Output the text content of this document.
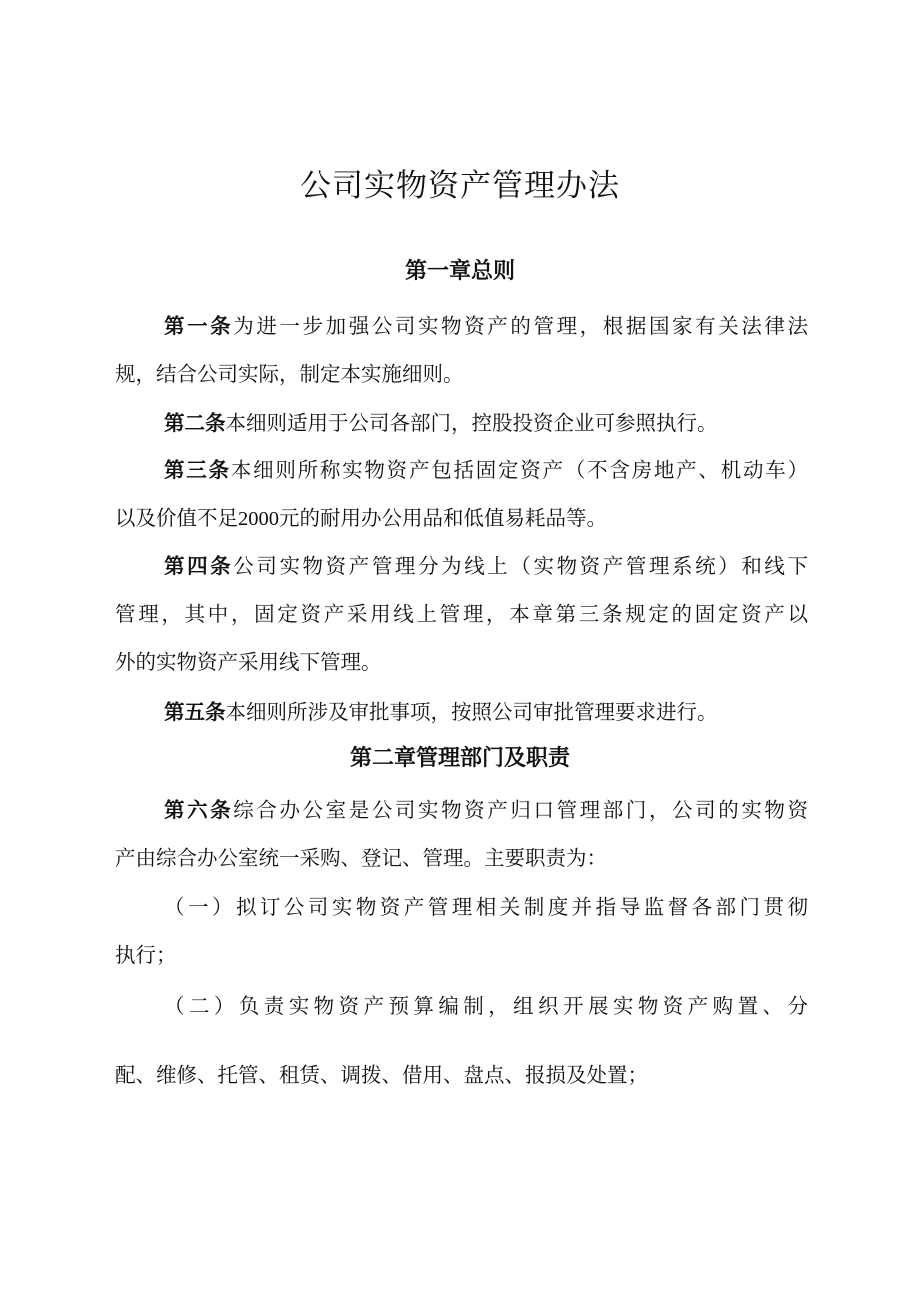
公司实物资产管理办法
第一章总则
第一条为进一步加强公司实物资产的管理，根据国家有关法律法
规，结合公司实际，制定本实施细则。
第二条本细则适用于公司各部门，控股投资企业可参照执行。
第三条本细则所称实物资产包括固定资产（不含房地产、机动车）
以及价值不足2000元的耐用办公用品和低值易耗品等。
第四条公司实物资产管理分为线上（实物资产管理系统）和线下
管理，其中，固定资产采用线上管理，本章第三条规定的固定资产以
外的实物资产采用线下管理。
第五条本细则所涉及审批事项，按照公司审批管理要求进行。
第二章管理部门及职责
第六条综合办公室是公司实物资产归口管理部门，公司的实物资
产由综合办公室统一采购、登记、管理。主要职责为：
（一）拟订公司实物资产管理相关制度并指导监督各部门贯彻
执行；
（二）负责实物资产预算编制，组织开展实物资产购置、分
配、维修、托管、租赁、调拨、借用、盘点、报损及处置；
